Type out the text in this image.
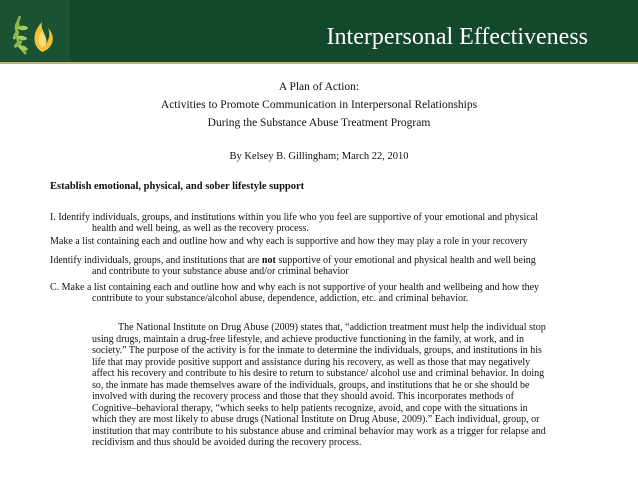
Interpersonal Effectiveness
A Plan of Action:
Activities to Promote Communication in Interpersonal Relationships
During the Substance Abuse Treatment Program
By Kelsey B. Gillingham; March 22, 2010
Establish emotional, physical, and sober lifestyle support
I. Identify individuals, groups, and institutions within you life who you feel are supportive of your emotional and physical
health and well being, as well as the recovery process.
Make a list containing each and outline how and why each is supportive and how they may play a role in your recovery
Identify individuals, groups, and institutions that are not supportive of your emotional and physical health and well being
and contribute to your substance abuse and/or criminal behavior
C. Make a list containing each and outline how and why each is not supportive of your health and wellbeing and how they
contribute to your substance/alcohol abuse, dependence, addiction, etc. and criminal behavior.
The National Institute on Drug Abuse (2009) states that, “addiction treatment must help the individual stop
using drugs, maintain a drug-free lifestyle, and achieve productive functioning in the family, at work, and in
society.” The purpose of the activity is for the inmate to determine the individuals, groups, and institutions in his
life that may provide positive support and assistance during his recovery, as well as those that may negatively
affect his recovery and contribute to his desire to return to substance/ alcohol use and criminal behavior. In doing
so, the inmate has made themselves aware of the individuals, groups, and institutions that he or she should be
involved with during the recovery process and those that they should avoid. This incorporates methods of
Cognitive–behavioral therapy, “which seeks to help patients recognize, avoid, and cope with the situations in
which they are most likely to abuse drugs (National Institute on Drug Abuse, 2009).” Each individual, group, or
institution that may contribute to his substance abuse and criminal behavior may work as a trigger for relapse and
recidivism and thus should be avoided during the recovery process.
